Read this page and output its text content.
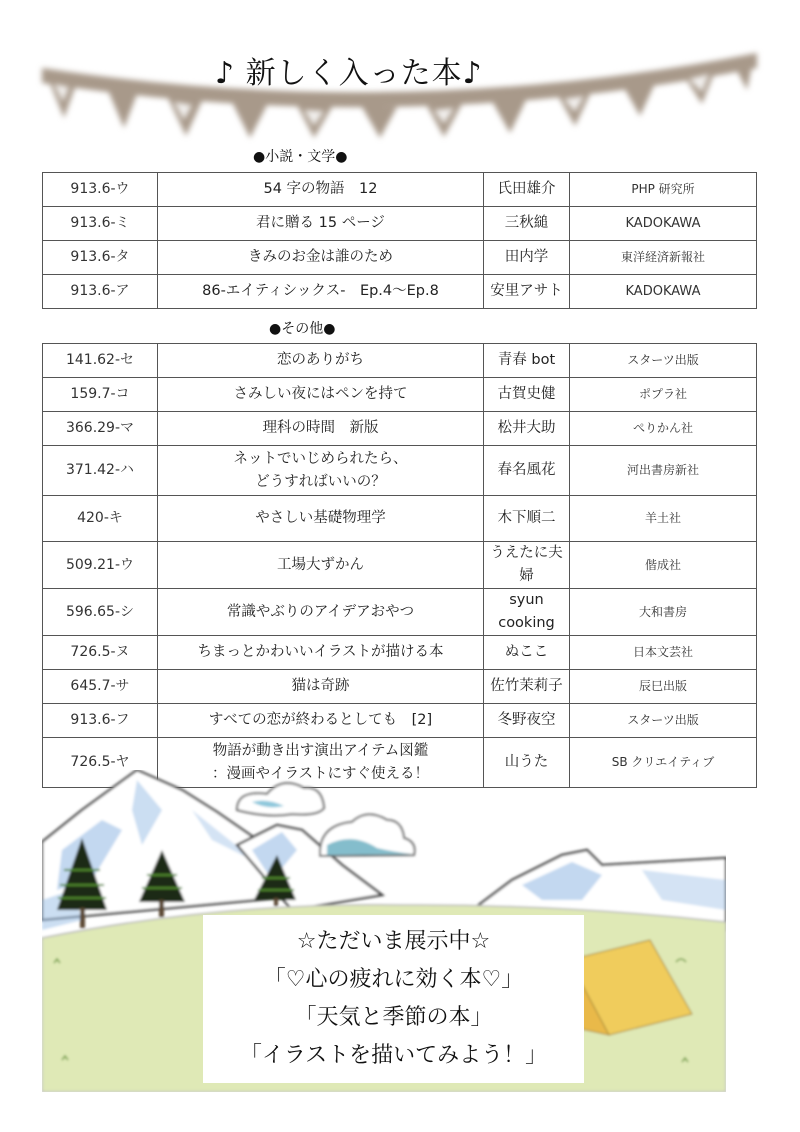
♪ 新しく入った本♪
●小説・文学●
913.6-ウ	54 字の物語　12	氏田雄介	PHP 研究所
913.6-ミ	君に贈る 15 ページ	三秋縋	KADOKAWA
913.6-タ	きみのお金は誰のため	田内学	東洋経済新報社
913.6-ア	86-エイティシックス-　Ep.4〜Ep.8	安里アサト	KADOKAWA
●その他●
141.62-セ	恋のありがち	青春 bot	スターツ出版
159.7-コ	さみしい夜にはペンを持て	古賀史健	ポプラ社
366.29-マ	理科の時間　新版	松井大助	ぺりかん社
371.42-ハ	ネットでいじめられたら、
どうすればいいの？	春名風花	河出書房新社
420-キ	やさしい基礎物理学	木下順二	羊土社
509.21-ウ	工場大ずかん	うえたに夫婦	偕成社
596.65-シ	常識やぶりのアイデアおやつ	syun cooking	大和書房
726.5-ヌ	ちまっとかわいいイラストが描ける本	ぬここ	日本文芸社
645.7-サ	猫は奇跡	佐竹茉莉子	辰巳出版
913.6-フ	すべての恋が終わるとしても　[2]	冬野夜空	スターツ出版
726.5-ヤ	物語が動き出す演出アイテム図鑑
：漫画やイラストにすぐ使える！	山うた	SB クリエイティブ
☆ただいま展示中☆
「♡心の疲れに効く本♡」
「天気と季節の本」
「イラストを描いてみよう！」
